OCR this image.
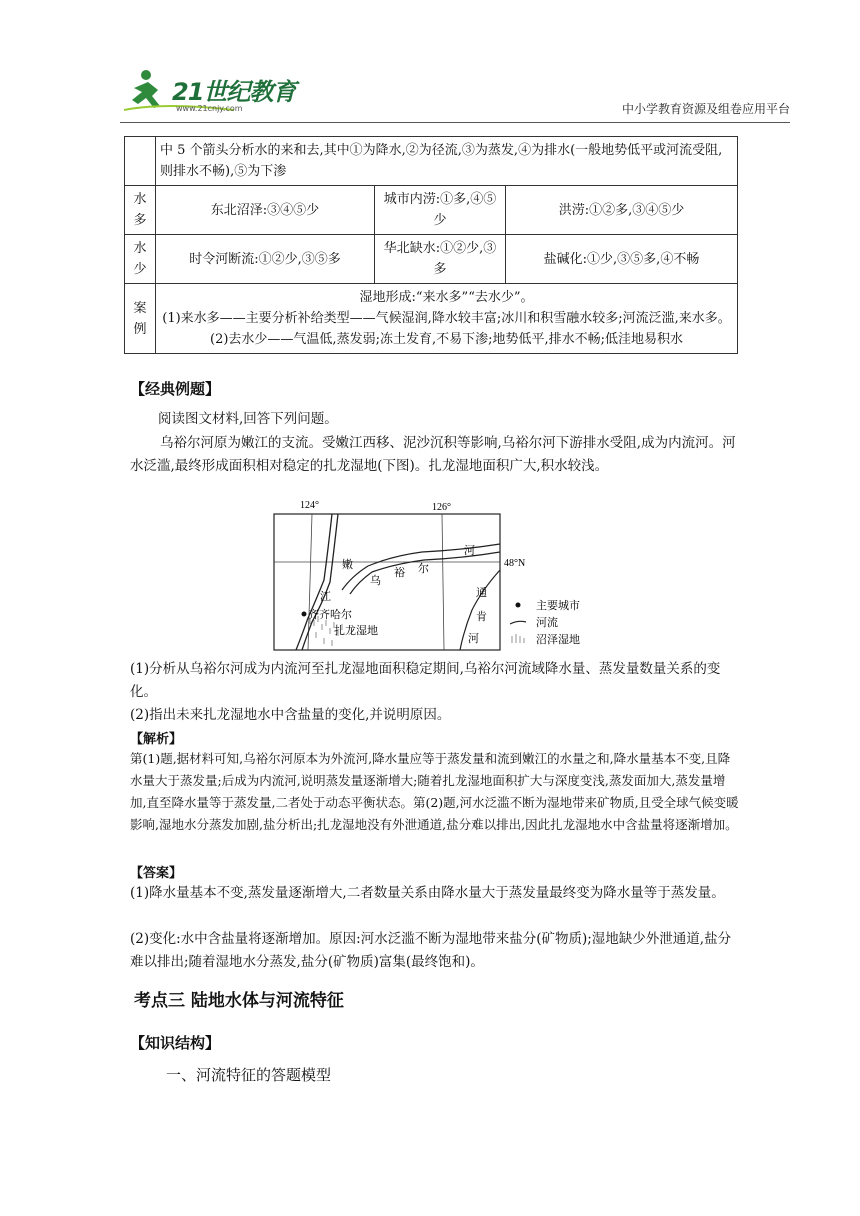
21世纪教育
www.21cnjy.com	中小学教育资源及组卷应用平台
	中 5 个箭头分析水的来和去,其中①为降水,②为径流,③为蒸发,④为排水(一般地势低平或河流受阻,则排水不畅),⑤为下渗		
水多	东北沼泽:③④⑤少	城市内涝:①多,④⑤少	洪涝:①②多,③④⑤少
水少	时令河断流:①②少,③⑤多	华北缺水:①②少,③多	盐碱化:①少,③⑤多,④不畅
案例	湿地形成:“来水多”“去水少”。
(1)来水多——主要分析补给类型——气候湿润,降水较丰富;冰川和积雪融水较多;河流泛滥,来水多。
(2)去水少——气温低,蒸发弱;冻土发育,不易下渗;地势低平,排水不畅;低洼地易积水		
【经典例题】
阅读图文材料,回答下列问题。
乌裕尔河原为嫩江的支流。受嫩江西移、泥沙沉积等影响,乌裕尔河下游排水受阻,成为内流河。河水泛滥,最终形成面积相对稳定的扎龙湿地(下图)。扎龙湿地面积广大,积水较浅。
124°	126°
48°N
嫩
江
乌
裕 尔
河
通
肯
河
齐齐哈尔
扎龙湿地
主要城市
河流
沼泽湿地
(1)分析从乌裕尔河成为内流河至扎龙湿地面积稳定期间,乌裕尔河流域降水量、蒸发量数量关系的变化。
(2)指出未来扎龙湿地水中含盐量的变化,并说明原因。
【解析】
第(1)题,据材料可知,乌裕尔河原本为外流河,降水量应等于蒸发量和流到嫩江的水量之和,降水量基本不变,且降水量大于蒸发量;后成为内流河,说明蒸发量逐渐增大;随着扎龙湿地面积扩大与深度变浅,蒸发面加大,蒸发量增加,直至降水量等于蒸发量,二者处于动态平衡状态。第(2)题,河水泛滥不断为湿地带来矿物质,且受全球气候变暖影响,湿地水分蒸发加剧,盐分析出;扎龙湿地没有外泄通道,盐分难以排出,因此扎龙湿地水中含盐量将逐渐增加。
【答案】
(1)降水量基本不变,蒸发量逐渐增大,二者数量关系由降水量大于蒸发量最终变为降水量等于蒸发量。
(2)变化:水中含盐量将逐渐增加。原因:河水泛滥不断为湿地带来盐分(矿物质);湿地缺少外泄通道,盐分难以排出;随着湿地水分蒸发,盐分(矿物质)富集(最终饱和)。
考点三 陆地水体与河流特征
【知识结构】
一、河流特征的答题模型
